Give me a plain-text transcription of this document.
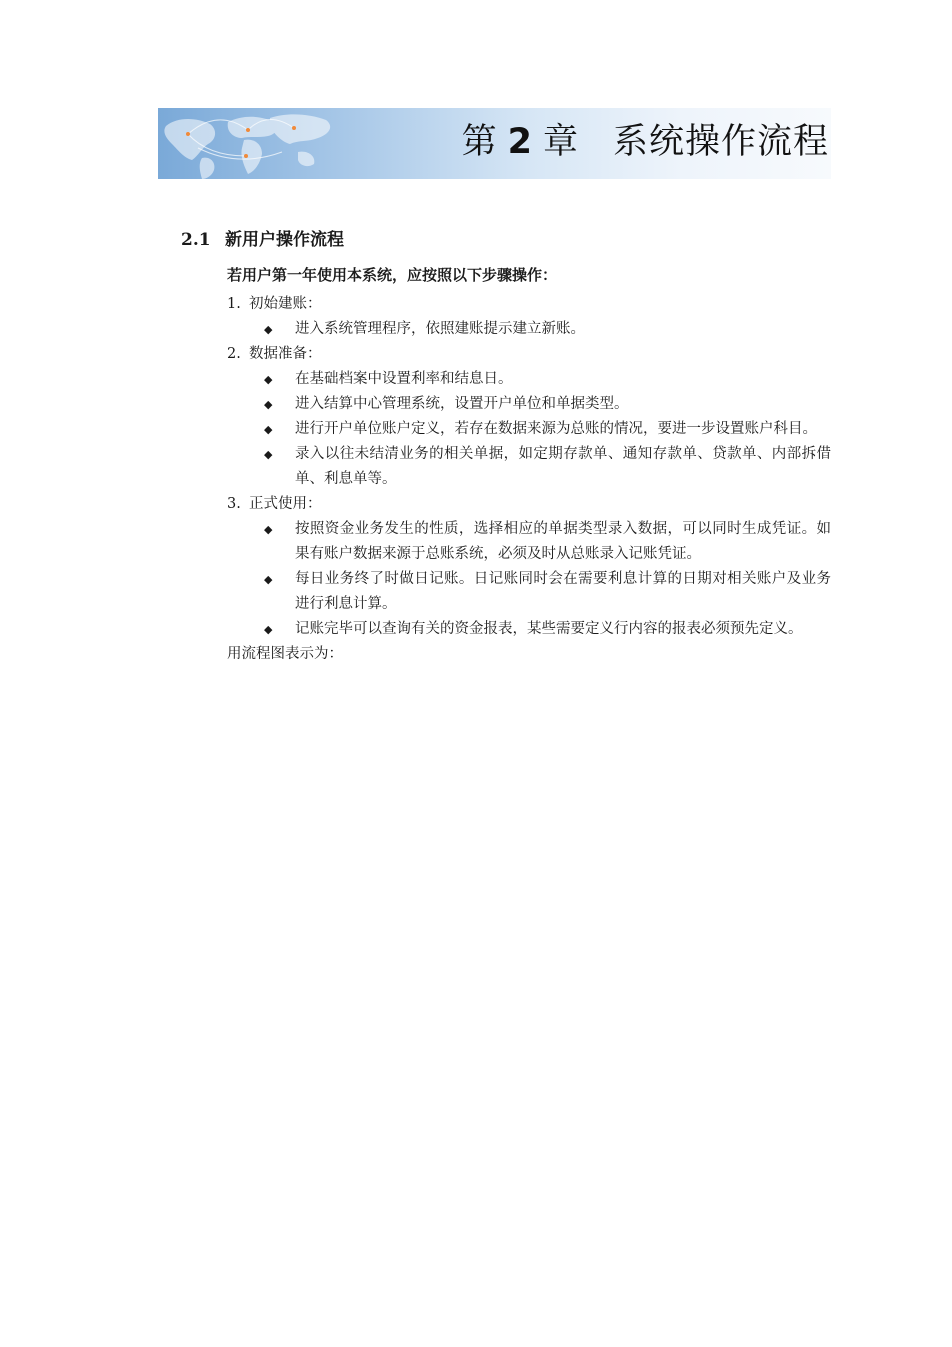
第 2 章 系统操作流程
2.1 新用户操作流程
若用户第一年使用本系统，应按照以下步骤操作：
1. 初始建账：
◆ 进入系统管理程序，依照建账提示建立新账。
2. 数据准备：
◆ 在基础档案中设置利率和结息日。
◆ 进入结算中心管理系统，设置开户单位和单据类型。
◆ 进行开户单位账户定义，若存在数据来源为总账的情况，要进一步设置账户科目。
◆ 录入以往未结清业务的相关单据，如定期存款单、通知存款单、贷款单、内部拆借单、利息单等。
3. 正式使用：
◆ 按照资金业务发生的性质，选择相应的单据类型录入数据，可以同时生成凭证。如果有账户数据来源于总账系统，必须及时从总账录入记账凭证。
◆ 每日业务终了时做日记账。日记账同时会在需要利息计算的日期对相关账户及业务进行利息计算。
◆ 记账完毕可以查询有关的资金报表，某些需要定义行内容的报表必须预先定义。
用流程图表示为：
